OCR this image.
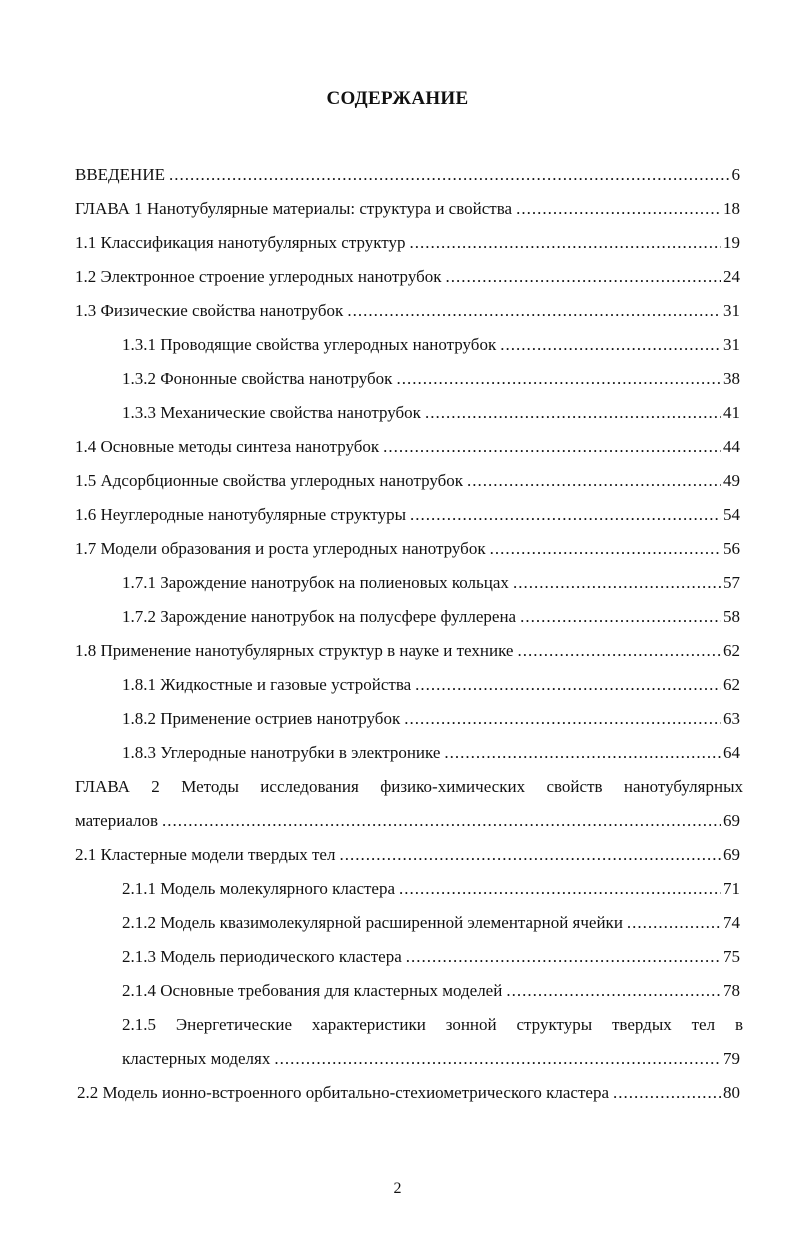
СОДЕРЖАНИЕ
ВВЕДЕНИЕ .....	6
ГЛАВА 1 Нанотубулярные материалы: структура и свойства .....	18
1.1 Классификация нанотубулярных структур .....	19
1.2 Электронное строение углеродных нанотрубок .....	24
1.3 Физические свойства нанотрубок .....	31
1.3.1 Проводящие свойства углеродных нанотрубок .....	31
1.3.2 Фононные свойства нанотрубок .....	38
1.3.3 Механические свойства нанотрубок .....	41
1.4 Основные методы синтеза нанотрубок .....	44
1.5 Адсорбционные свойства углеродных нанотрубок .....	49
1.6 Неуглеродные нанотубулярные структуры .....	54
1.7 Модели образования и роста углеродных нанотрубок .....	56
1.7.1 Зарождение нанотрубок на полиеновых кольцах .....	57
1.7.2 Зарождение нанотрубок на полусфере фуллерена .....	58
1.8 Применение нанотубулярных структур в науке и технике .....	62
1.8.1 Жидкостные и газовые устройства .....	62
1.8.2 Применение остриев нанотрубок .....	63
1.8.3 Углеродные нанотрубки в электронике .....	64
ГЛАВА 2 Методы исследования физико-химических свойств нанотубулярных
материалов .....	69
2.1 Кластерные модели твердых тел .....	69
2.1.1 Модель молекулярного кластера .....	71
2.1.2 Модель квазимолекулярной расширенной элементарной ячейки .....	74
2.1.3 Модель периодического кластера .....	75
2.1.4 Основные требования для кластерных моделей .....	78
2.1.5 Энергетические характеристики зонной структуры твердых тел в
кластерных моделях .....	79
2.2 Модель ионно-встроенного орбитально-стехиометрического кластера .....	80
2
